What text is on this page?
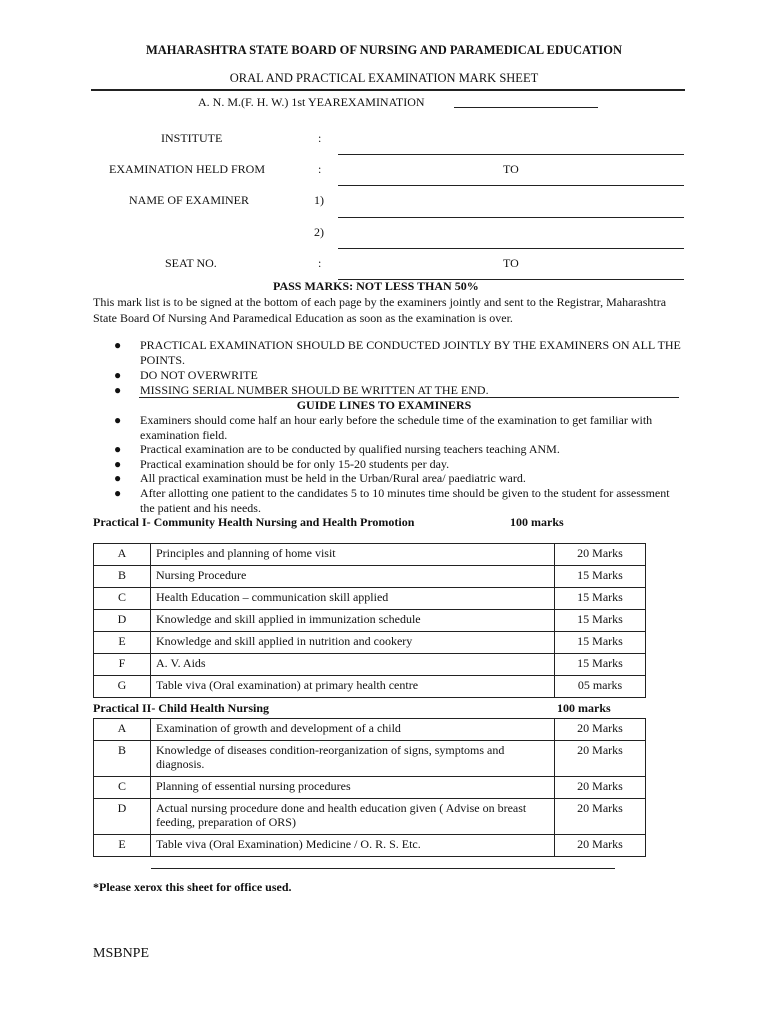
MAHARASHTRA STATE BOARD OF NURSING AND PARAMEDICAL EDUCATION
ORAL AND PRACTICAL EXAMINATION MARK SHEET
A. N. M.(F. H. W.) 1st YEAREXAMINATION
INSTITUTE	:
EXAMINATION HELD FROM	:	TO
NAME OF EXAMINER	1)
2)
SEAT NO.	:	TO
PASS MARKS: NOT LESS THAN 50%
This mark list is to be signed at the bottom of each page by the examiners jointly and sent to the Registrar, Maharashtra State Board Of Nursing And Paramedical Education as soon as the examination is over.
● PRACTICAL EXAMINATION SHOULD BE CONDUCTED JOINTLY BY THE EXAMINERS ON ALL THE POINTS.
● DO NOT OVERWRITE
● MISSING SERIAL NUMBER SHOULD BE WRITTEN AT THE END.
GUIDE LINES TO EXAMINERS
● Examiners should come half an hour early before the schedule time of the examination to get familiar with examination field.
● Practical examination are to be conducted by qualified nursing teachers teaching ANM.
● Practical examination should be for only 15-20 students per day.
● All practical examination must be held in the Urban/Rural area/ paediatric ward.
● After allotting one patient to the candidates 5 to 10 minutes time should be given to the student for assessment the patient and his needs.
Practical I- Community Health Nursing and Health Promotion	100 marks
A	Principles and planning of home visit	20 Marks
B	Nursing Procedure	15 Marks
C	Health Education – communication skill applied	15 Marks
D	Knowledge and skill applied in immunization schedule	15 Marks
E	Knowledge and skill applied in nutrition and cookery	15 Marks
F	A. V. Aids	15 Marks
G	Table viva (Oral examination) at primary health centre	05 marks
Practical II- Child Health Nursing	100 marks
A	Examination of growth and development of a child	20 Marks
B	Knowledge of diseases condition-reorganization of signs, symptoms and diagnosis.	20 Marks
C	Planning of essential nursing procedures	20 Marks
D	Actual nursing procedure done and health education given ( Advise on breast feeding, preparation of ORS)	20 Marks
E	Table viva (Oral Examination) Medicine / O. R. S. Etc.	20 Marks
*Please xerox this sheet for office used.
MSBNPE
